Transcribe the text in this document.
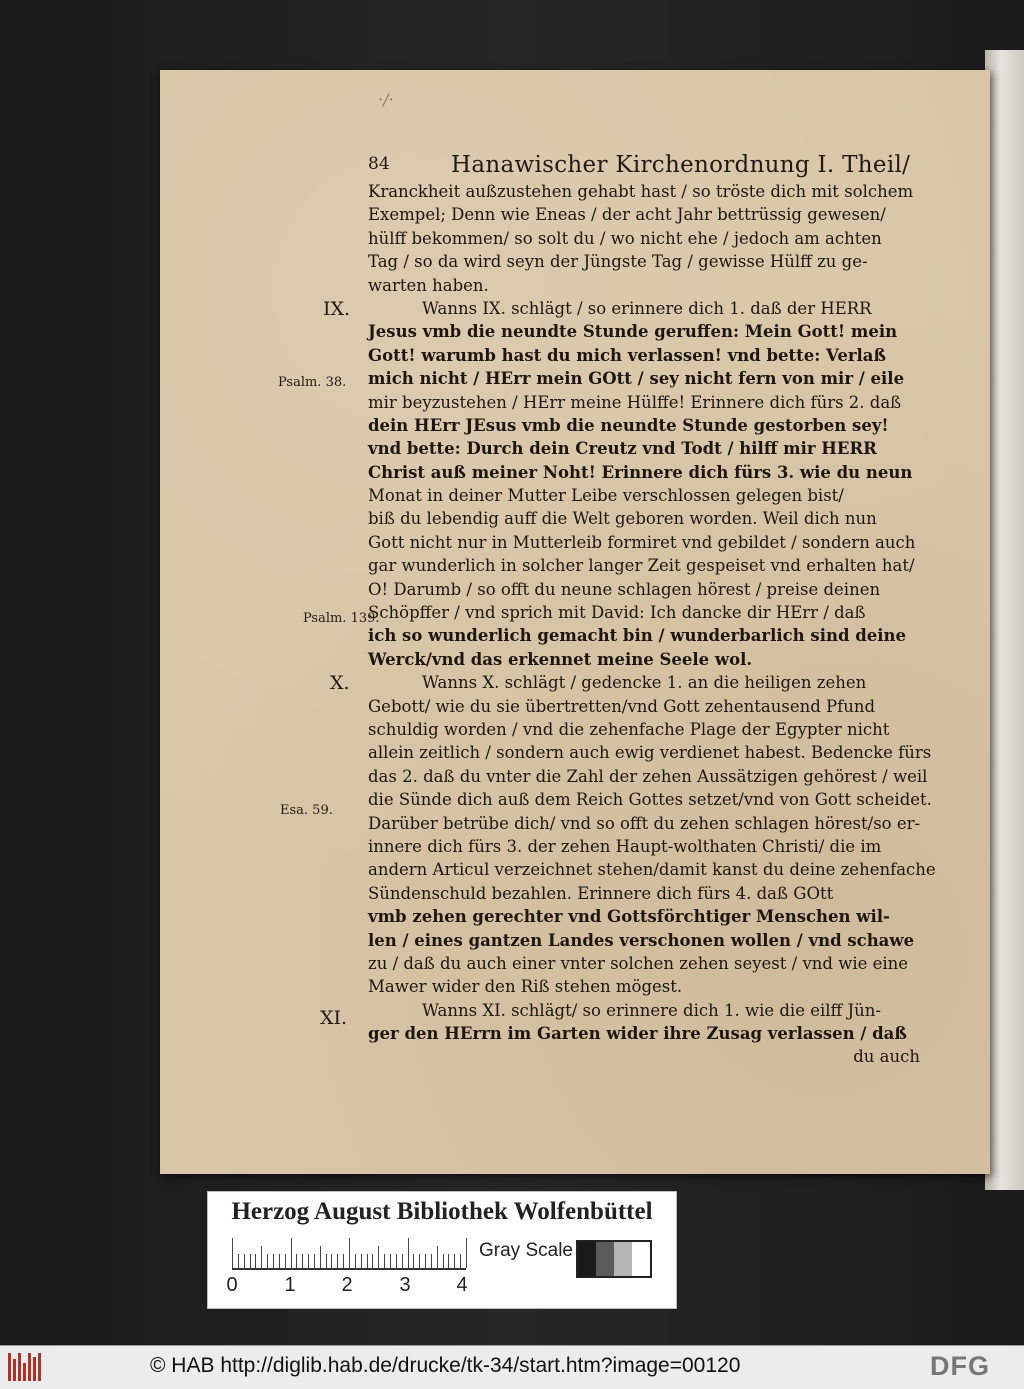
·/·
84	Hanawischer Kirchenordnung I. Theil/
IX.
Psalm. 38.
Psalm. 139.
X.
Esa. 59.
XI.
Kranckheit außzustehen gehabt hast / so tröste dich mit solchem
Exempel; Denn wie Eneas / der acht Jahr bettrüssig gewesen/
hülff bekommen/ so solt du / wo nicht ehe / jedoch am achten
Tag / so da wird seyn der Jüngste Tag / gewisse Hülff zu ge-
warten haben.
Wanns IX. schlägt / so erinnere dich 1. daß der HERR
Jesus vmb die neundte Stunde geruffen: Mein Gott! mein
Gott! warumb hast du mich verlassen! vnd bette: Verlaß
mich nicht / HErr mein GOtt / sey nicht fern von mir / eile
mir beyzustehen / HErr meine Hülffe! Erinnere dich fürs 2. daß
dein HErr JEsus vmb die neundte Stunde gestorben sey!
vnd bette: Durch dein Creutz vnd Todt / hilff mir HERR
Christ auß meiner Noht! Erinnere dich fürs 3. wie du neun
Monat in deiner Mutter Leibe verschlossen gelegen bist/
biß du lebendig auff die Welt geboren worden. Weil dich nun
Gott nicht nur in Mutterleib formiret vnd gebildet / sondern auch
gar wunderlich in solcher langer Zeit gespeiset vnd erhalten hat/
O! Darumb / so offt du neune schlagen hörest / preise deinen
Schöpffer / vnd sprich mit David: Ich dancke dir HErr / daß
ich so wunderlich gemacht bin / wunderbarlich sind deine
Werck/vnd das erkennet meine Seele wol.
Wanns X. schlägt / gedencke 1. an die heiligen zehen
Gebott/ wie du sie übertretten/vnd Gott zehentausend Pfund
schuldig worden / vnd die zehenfache Plage der Egypter nicht
allein zeitlich / sondern auch ewig verdienet habest. Bedencke fürs
das 2. daß du vnter die Zahl der zehen Aussätzigen gehörest / weil
die Sünde dich auß dem Reich Gottes setzet/vnd von Gott scheidet.
Darüber betrübe dich/ vnd so offt du zehen schlagen hörest/so er-
innere dich fürs 3. der zehen Haupt-wolthaten Christi/ die im
andern Articul verzeichnet stehen/damit kanst du deine zehenfache
Sündenschuld bezahlen. Erinnere dich fürs 4. daß GOtt
vmb zehen gerechter vnd Gottsförchtiger Menschen wil-
len / eines gantzen Landes verschonen wollen / vnd schawe
zu / daß du auch einer vnter solchen zehen seyest / vnd wie eine
Mawer wider den Riß stehen mögest.
Wanns XI. schlägt/ so erinnere dich 1. wie die eilff Jün-
ger den HErrn im Garten wider ihre Zusag verlassen / daß
du auch
Herzog August Bibliothek Wolfenbüttel
0 1 2 3 4
Gray Scale
© HAB http://diglib.hab.de/drucke/tk-34/start.htm?image=00120	DFG
